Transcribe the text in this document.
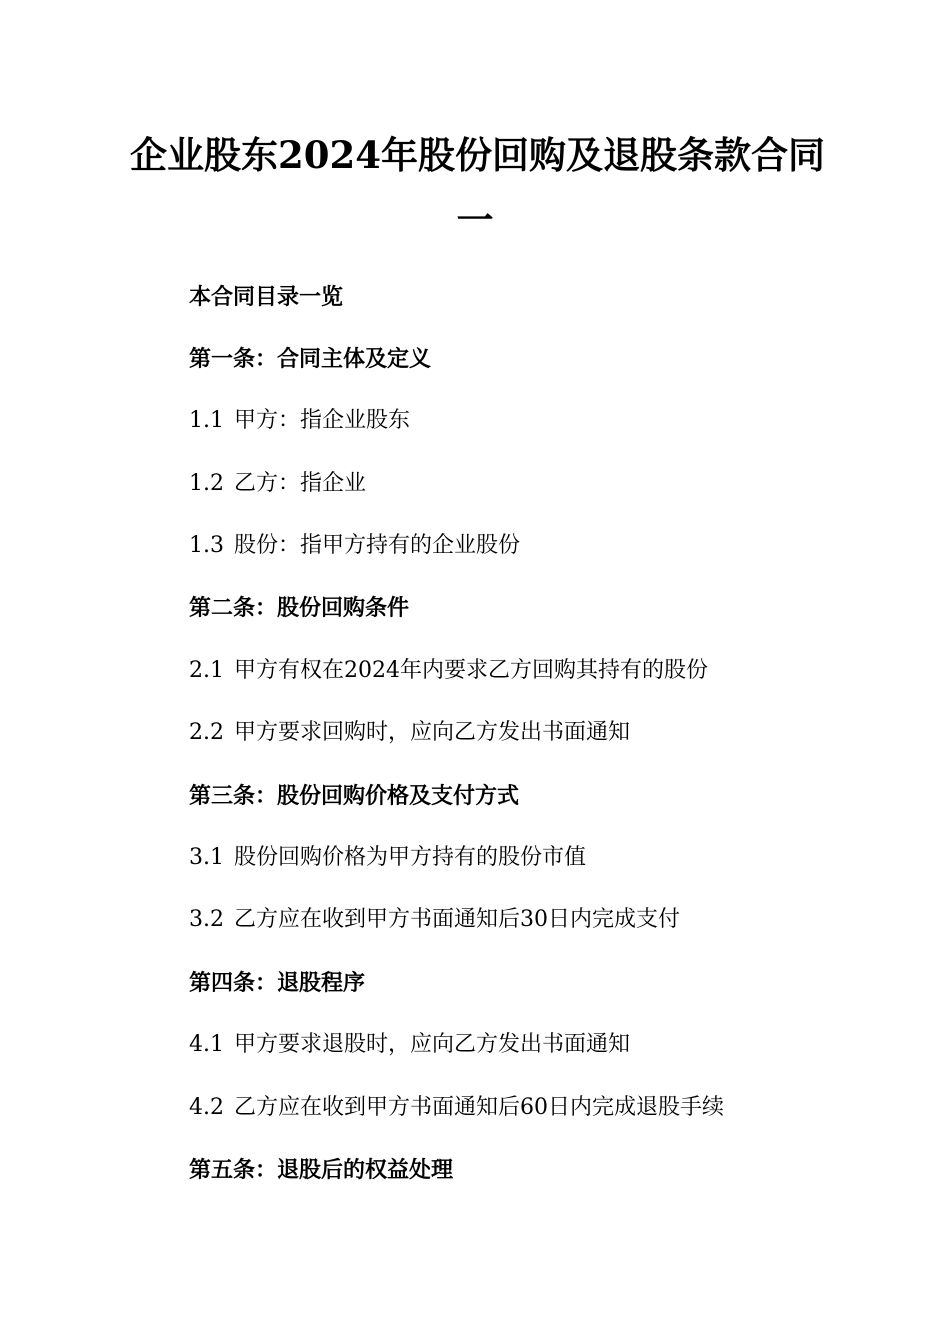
企业股东2024年股份回购及退股条款合同
一
本合同目录一览
第一条：合同主体及定义
1.1 甲方：指企业股东
1.2 乙方：指企业
1.3 股份：指甲方持有的企业股份
第二条：股份回购条件
2.1 甲方有权在2024年内要求乙方回购其持有的股份
2.2 甲方要求回购时，应向乙方发出书面通知
第三条：股份回购价格及支付方式
3.1 股份回购价格为甲方持有的股份市值
3.2 乙方应在收到甲方书面通知后30日内完成支付
第四条：退股程序
4.1 甲方要求退股时，应向乙方发出书面通知
4.2 乙方应在收到甲方书面通知后60日内完成退股手续
第五条：退股后的权益处理
